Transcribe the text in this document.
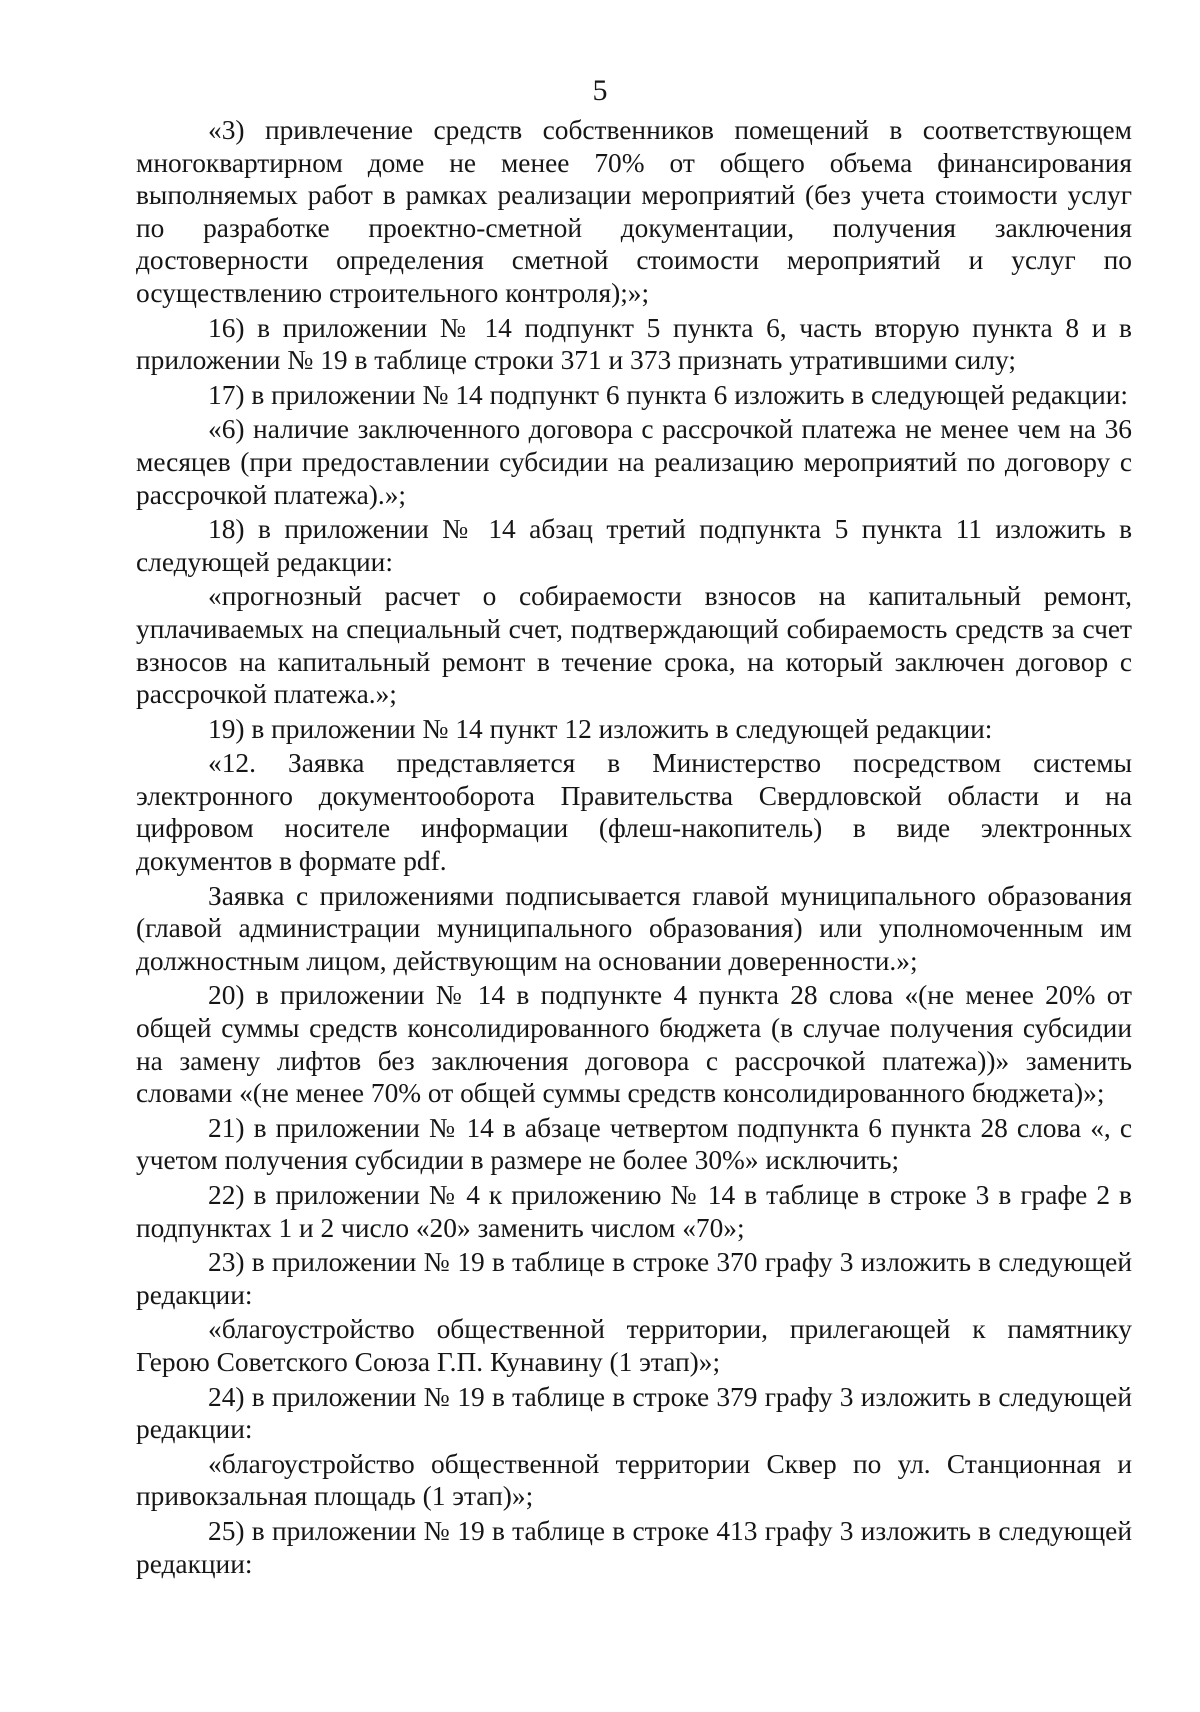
5

«3) привлечение средств собственников помещений в соответствующем многоквартирном доме не менее 70% от общего объема финансирования выполняемых работ в рамках реализации мероприятий (без учета стоимости услуг по разработке проектно-сметной документации, получения заключения достоверности определения сметной стоимости мероприятий и услуг по осуществлению строительного контроля);»;

16) в приложении № 14 подпункт 5 пункта 6, часть вторую пункта 8 и в приложении № 19 в таблице строки 371 и 373 признать утратившими силу;

17) в приложении № 14 подпункт 6 пункта 6 изложить в следующей редакции:

«6) наличие заключенного договора с рассрочкой платежа не менее чем на 36 месяцев (при предоставлении субсидии на реализацию мероприятий по договору с рассрочкой платежа).»;

18) в приложении № 14 абзац третий подпункта 5 пункта 11 изложить в следующей редакции:

«прогнозный расчет о собираемости взносов на капитальный ремонт, уплачиваемых на специальный счет, подтверждающий собираемость средств за счет взносов на капитальный ремонт в течение срока, на который заключен договор с рассрочкой платежа.»;

19) в приложении № 14 пункт 12 изложить в следующей редакции:

«12. Заявка представляется в Министерство посредством системы электронного документооборота Правительства Свердловской области и на цифровом носителе информации (флеш-накопитель) в виде электронных документов в формате pdf.

Заявка с приложениями подписывается главой муниципального образования (главой администрации муниципального образования) или уполномоченным им должностным лицом, действующим на основании доверенности.»;

20) в приложении № 14 в подпункте 4 пункта 28 слова «(не менее 20% от общей суммы средств консолидированного бюджета (в случае получения субсидии на замену лифтов без заключения договора с рассрочкой платежа))» заменить словами «(не менее 70% от общей суммы средств консолидированного бюджета)»;

21) в приложении № 14 в абзаце четвертом подпункта 6 пункта 28 слова «, с учетом получения субсидии в размере не более 30%» исключить;

22) в приложении № 4 к приложению № 14 в таблице в строке 3 в графе 2 в подпунктах 1 и 2 число «20» заменить числом «70»;

23) в приложении № 19 в таблице в строке 370 графу 3 изложить в следующей редакции:

«благоустройство общественной территории, прилегающей к памятнику Герою Советского Союза Г.П. Кунавину (1 этап)»;

24) в приложении № 19 в таблице в строке 379 графу 3 изложить в следующей редакции:

«благоустройство общественной территории Сквер по ул. Станционная и привокзальная площадь (1 этап)»;

25) в приложении № 19 в таблице в строке 413 графу 3 изложить в следующей редакции:
